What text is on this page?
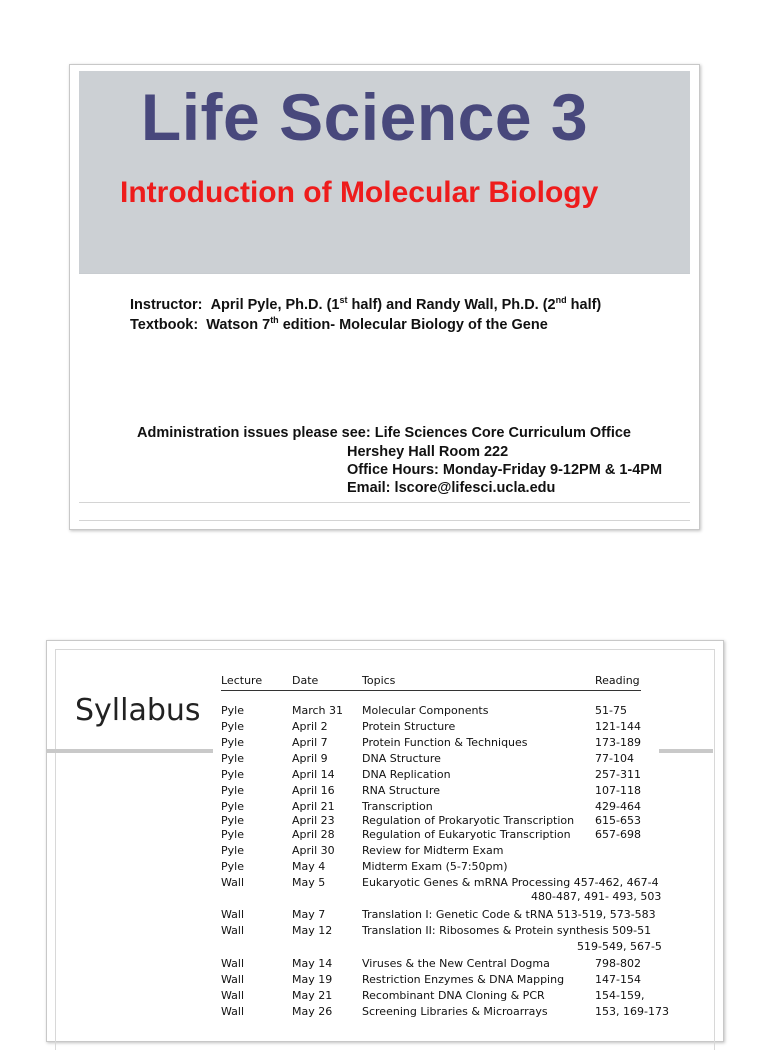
Life Science 3
Introduction of Molecular Biology
Instructor: April Pyle, Ph.D. (1st half) and Randy Wall, Ph.D. (2nd half)
Textbook: Watson 7th edition- Molecular Biology of the Gene
Administration issues please see: Life Sciences Core Curriculum Office
Hershey Hall Room 222
Office Hours: Monday-Friday 9-12PM & 1-4PM
Email: lscore@lifesci.ucla.edu
Syllabus
Lecture	Date	Topics	Reading
Pyle	March 31 Molecular Components	51-75
Pyle	April 2	Protein Structure	121-144
Pyle	April 7	Protein Function & Techniques	173-189
Pyle	April 9	DNA Structure	77-104
Pyle	April 14 DNA Replication	257-311
Pyle	April 16 RNA Structure	107-118
Pyle	April 21 Transcription	429-464
Pyle	April 23 Regulation of Prokaryotic Transcription 615-653
Pyle	April 28 Regulation of Eukaryotic Transcription 657-698
Pyle	April 30 Review for Midterm Exam
Pyle	May 4	Midterm Exam (5-7:50pm)
Wall	May 5	Eukaryotic Genes & mRNA Processing 457-462, 467-4
480-487, 491- 493, 503
Wall	May 7	Translation I: Genetic Code & tRNA 513-519, 573-583
Wall	May 12	Translation II: Ribosomes & Protein synthesis 509-51
519-549, 567-5
Wall	May 14	Viruses & the New Central Dogma	798-802
Wall	May 19	Restriction Enzymes & DNA Mapping	147-154
Wall	May 21	Recombinant DNA Cloning & PCR	154-159,
Wall	May 26	Screening Libraries & Microarrays	153, 169-173
